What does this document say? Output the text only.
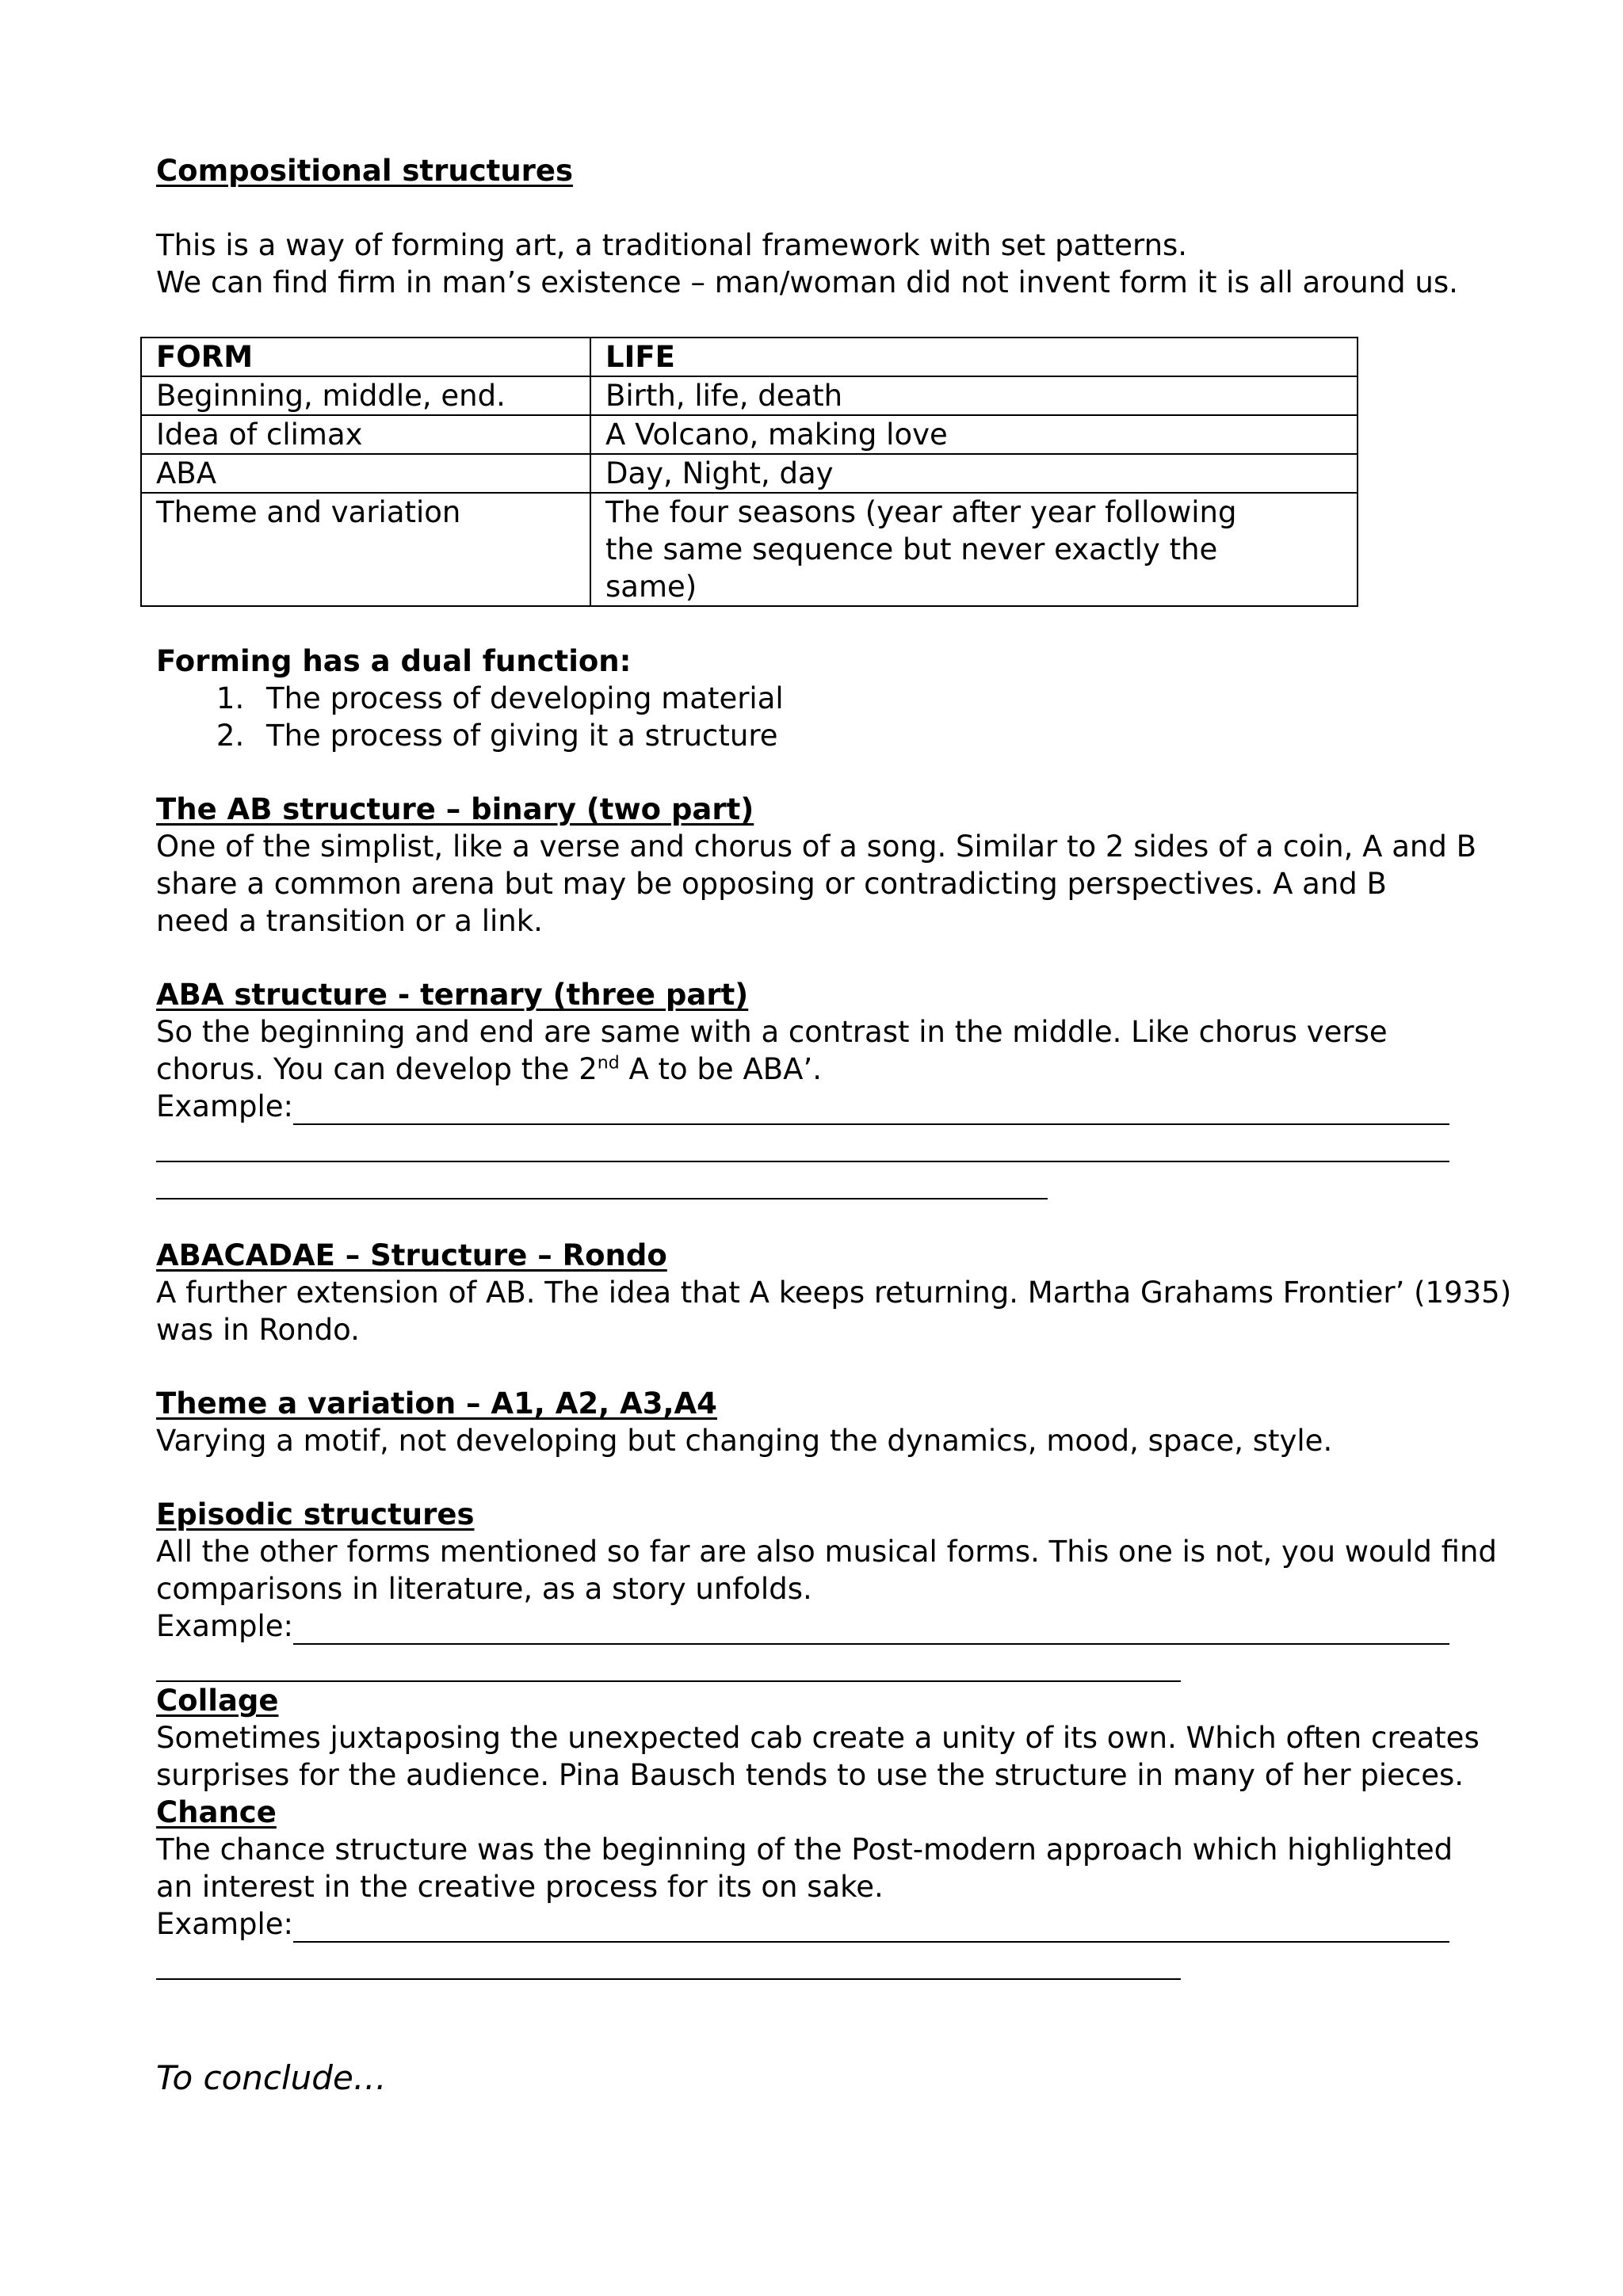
Compositional structures
This is a way of forming art, a traditional framework with set patterns.
We can find firm in man’s existence – man/woman did not invent form it is all around us.
FORM	LIFE
Beginning, middle, end.	Birth, life, death
Idea of climax	A Volcano, making love
ABA	Day, Night, day
Theme and variation	The four seasons (year after year following the same sequence but never exactly the same)
Forming has a dual function:
1. The process of developing material
2. The process of giving it a structure
The AB structure – binary (two part)
One of the simplist, like a verse and chorus of a song. Similar to 2 sides of a coin, A and B
share a common arena but may be opposing or contradicting perspectives. A and B
need a transition or a link.
ABA structure - ternary (three part)
So the beginning and end are same with a contrast in the middle. Like chorus verse
chorus. You can develop the 2nd A to be ABA’.
Example:
ABACADAE – Structure – Rondo
A further extension of AB. The idea that A keeps returning. Martha Grahams Frontier’ (1935)
was in Rondo.
Theme a variation – A1, A2, A3,A4
Varying a motif, not developing but changing the dynamics, mood, space, style.
Episodic structures
All the other forms mentioned so far are also musical forms. This one is not, you would find
comparisons in literature, as a story unfolds.
Example:
Collage
Sometimes juxtaposing the unexpected cab create a unity of its own. Which often creates
surprises for the audience. Pina Bausch tends to use the structure in many of her pieces.
Chance
The chance structure was the beginning of the Post-modern approach which highlighted
an interest in the creative process for its on sake.
Example:
To conclude…
